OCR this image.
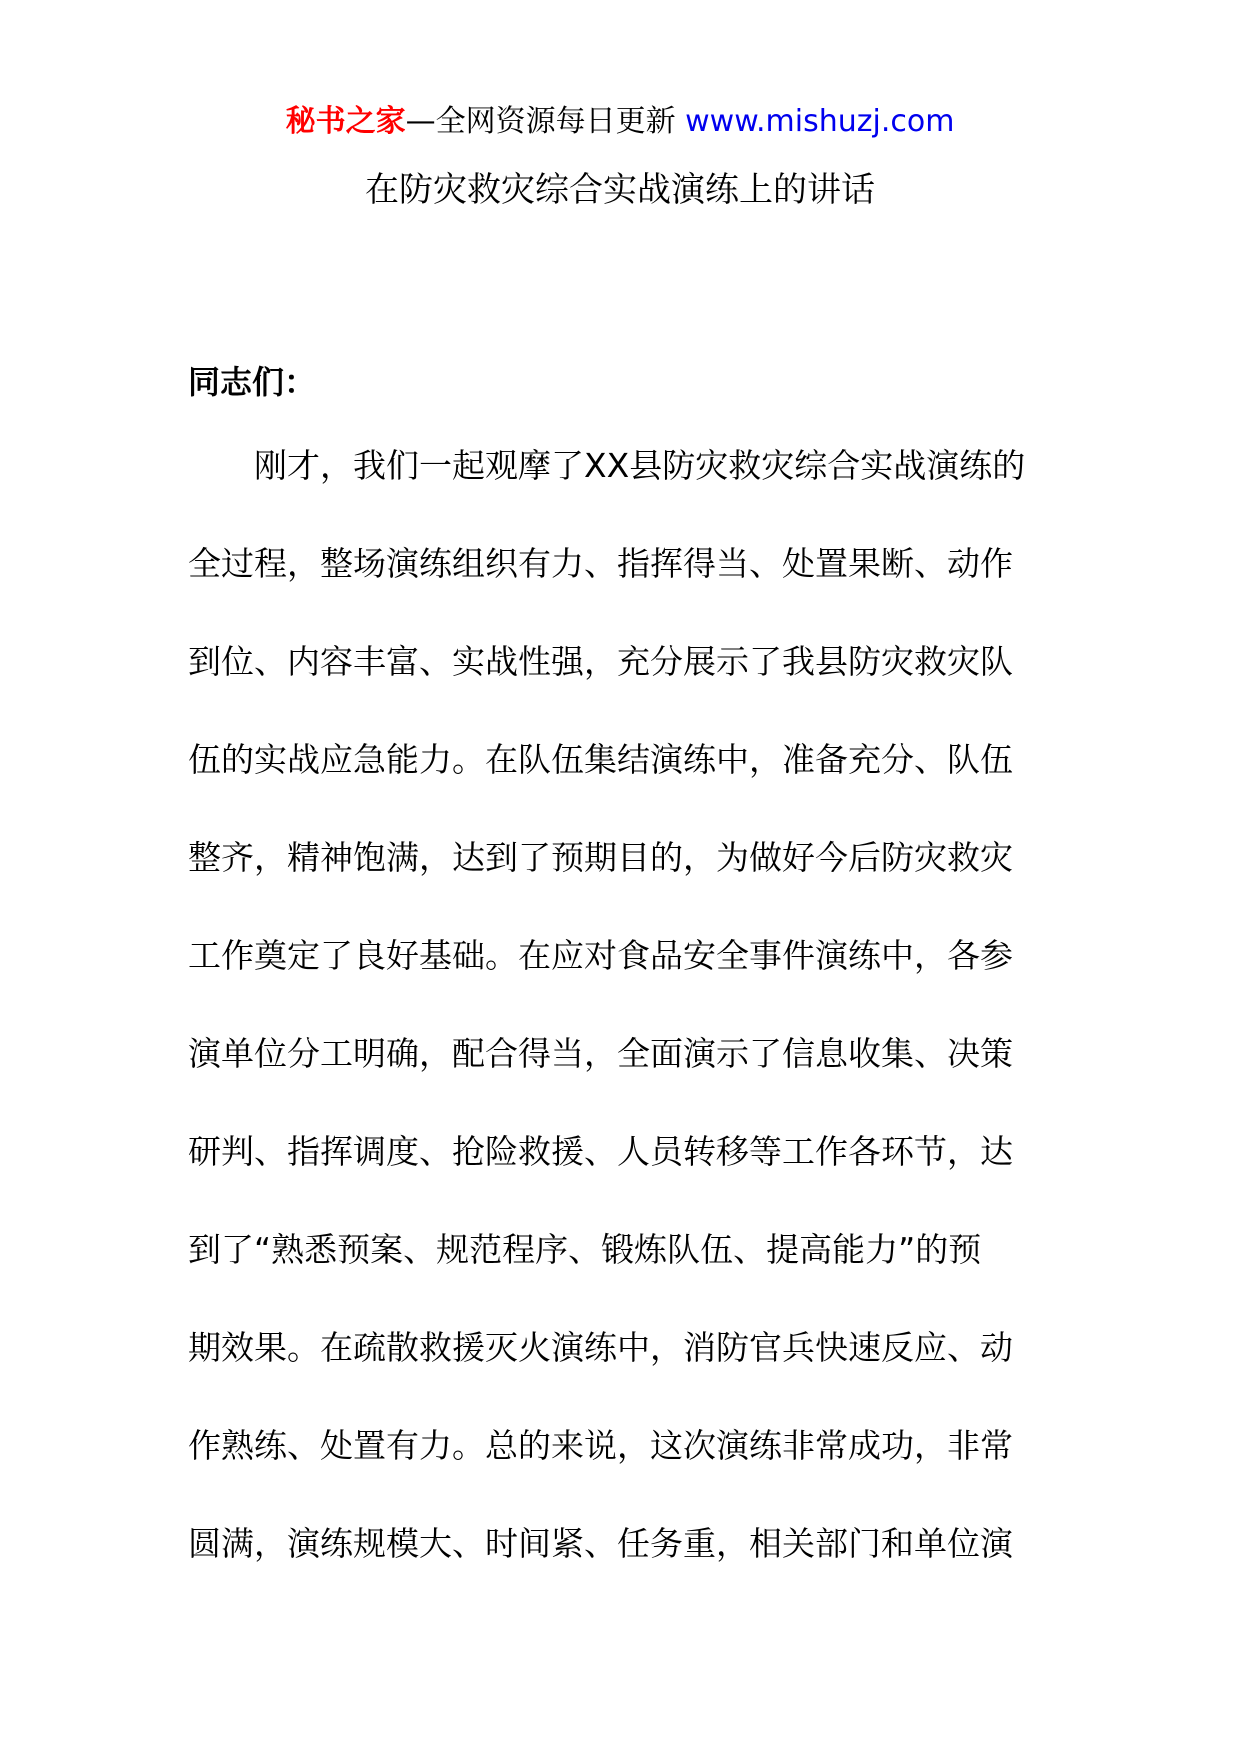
秘书之家—全网资源每日更新 www.mishuzj.com
在防灾救灾综合实战演练上的讲话
同志们：
刚才，我们一起观摩了XX县防灾救灾综合实战演练的
全过程，整场演练组织有力、指挥得当、处置果断、动作
到位、内容丰富、实战性强，充分展示了我县防灾救灾队
伍的实战应急能力。在队伍集结演练中，准备充分、队伍
整齐，精神饱满，达到了预期目的，为做好今后防灾救灾
工作奠定了良好基础。在应对食品安全事件演练中，各参
演单位分工明确，配合得当，全面演示了信息收集、决策
研判、指挥调度、抢险救援、人员转移等工作各环节，达
到了“熟悉预案、规范程序、锻炼队伍、提高能力”的预
期效果。在疏散救援灭火演练中，消防官兵快速反应、动
作熟练、处置有力。总的来说，这次演练非常成功，非常
圆满，演练规模大、时间紧、任务重，相关部门和单位演
